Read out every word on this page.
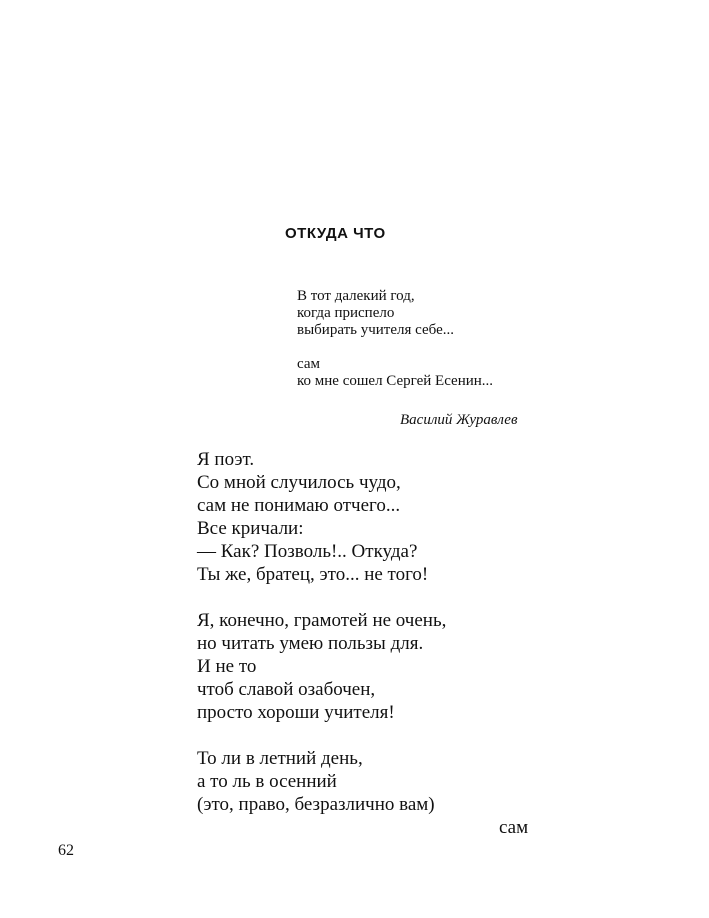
ОТКУДА ЧТО
В тот далекий год,
когда приспело
выбирать учителя себе...
сам
ко мне сошел Сергей Есенин...
Василий Журавлев
Я поэт.
Со мной случилось чудо,
сам не понимаю отчего...
Все кричали:
— Как? Позволь!.. Откуда?
Ты же, братец, это... не того!
Я, конечно, грамотей не очень,
но читать умею пользы для.
И не то
чтоб славой озабочен,
просто хороши учителя!
То ли в летний день,
а то ль в осенний
(это, право, безразлично вам)
сам
62
